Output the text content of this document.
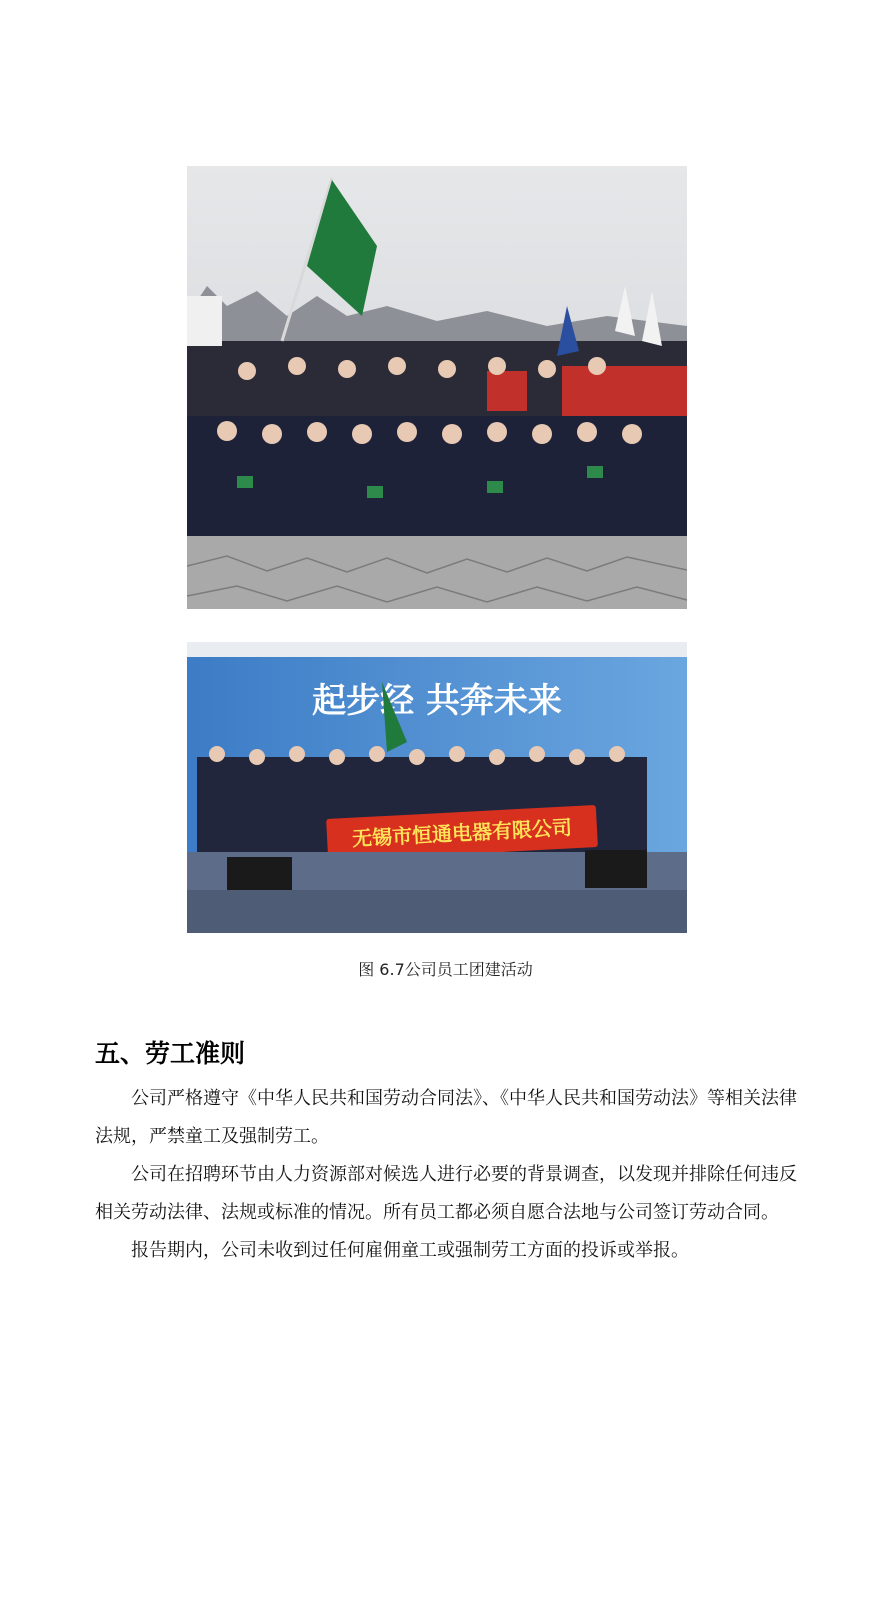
起步经 共奔未来
无锡市恒通电器有限公司
图 6.7公司员工团建活动
五、劳工准则

公司严格遵守《中华人民共和国劳动合同法》、《中华人民共和国劳动法》等相关法律法规，严禁童工及强制劳工。

公司在招聘环节由人力资源部对候选人进行必要的背景调查，以发现并排除任何违反相关劳动法律、法规或标准的情况。所有员工都必须自愿合法地与公司签订劳动合同。

报告期内，公司未收到过任何雇佣童工或强制劳工方面的投诉或举报。
